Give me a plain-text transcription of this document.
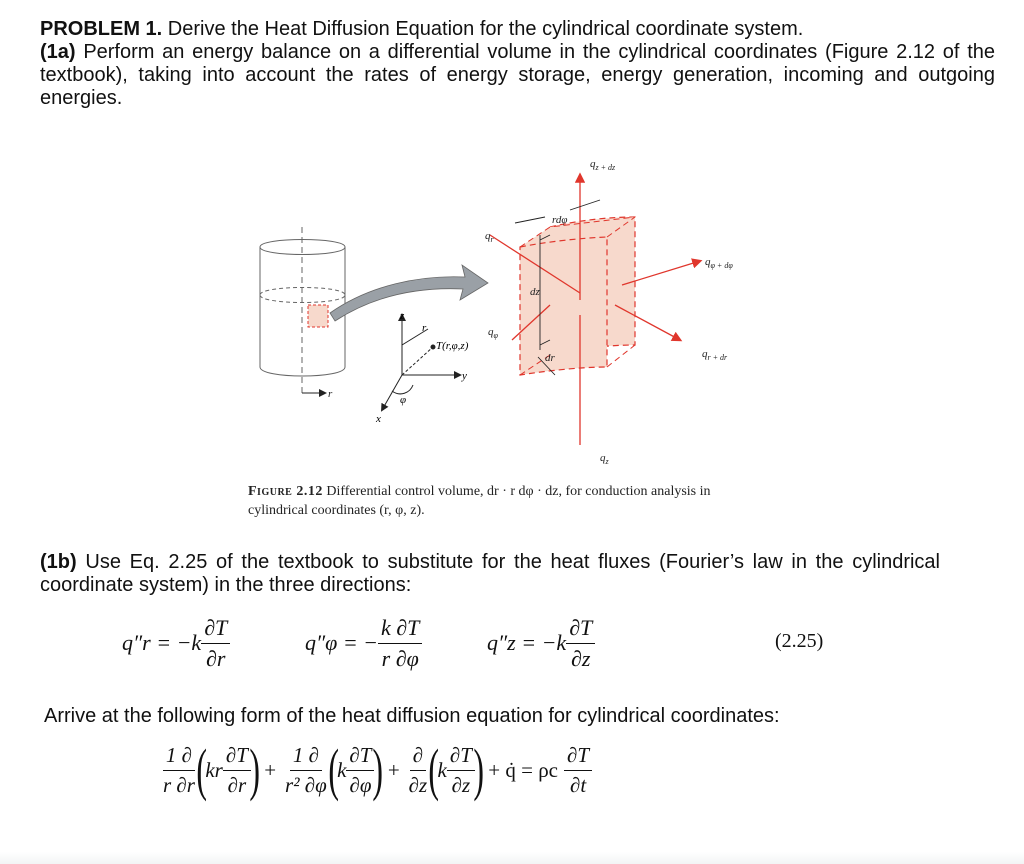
PROBLEM 1. Derive the Heat Diffusion Equation for the cylindrical coordinate system.
(1a) Perform an energy balance on a differential volume in the cylindrical coordinates (Figure 2.12 of the textbook), taking into account the rates of energy storage, energy generation, incoming and outgoing energies.
r
z
T(r,φ,z)
y
x
φ
r
$q_{z + dz}$
rdφ
$q_r$
$q_{\varphi + d\varphi}$
dz
$q_\varphi$
dr	$q_{r + dr}$
$q_z$
Figure 2.12 Differential control volume, dr · r dφ · dz, for conduction analysis in cylindrical coordinates (r, φ, z).
(1b) Use Eq. 2.25 of the textbook to substitute for the heat fluxes (Fourier’s law in the cylindrical coordinate system) in the three directions:
$q''r = -k \frac{\partial T}{\partial r}$	q″φ = − $\frac{k \partial T}{r \partial\varphi}$	$q''z = -k \frac{\partial T}{\partial z}$	(2.25)
Arrive at the following form of the heat diffusion equation for cylindrical coordinates:
$\frac{1 \partial}{r \partial r}$
(
kr $\frac{\partial T}{\partial r}$
) + $\frac{1 \partial}{\text{r² ∂φ}}$
(
k $\frac{\partial T}{\partial\varphi}$
) + $\frac{\partial}{\partial z}$
(
k $\frac{\partial T}{\partial z}$
) + q̇ = ρc $\frac{\partial T}{\partial t}$
